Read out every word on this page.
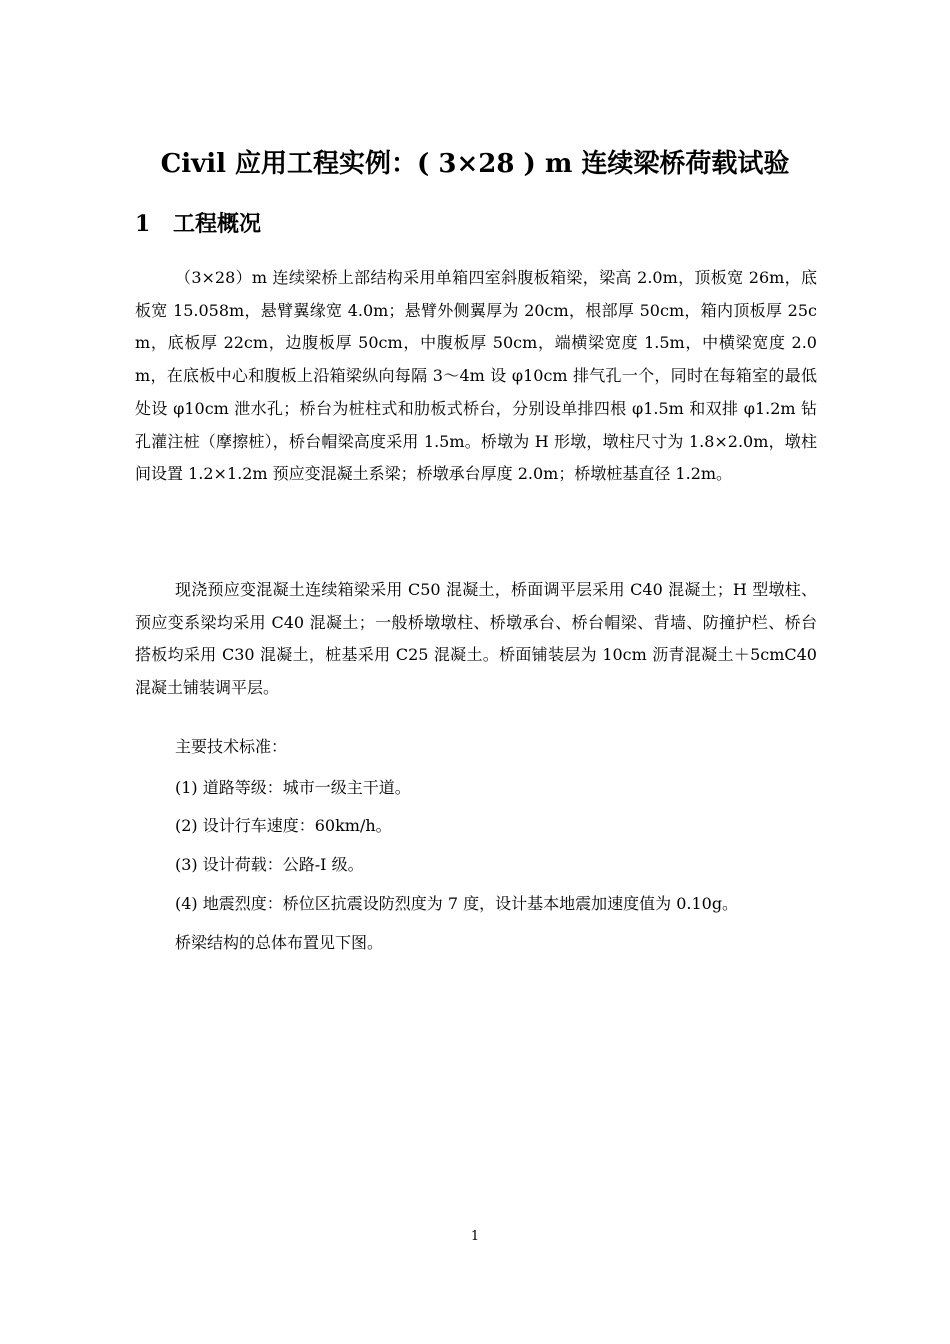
Civil 应用工程实例：( 3×28 ) m 连续梁桥荷载试验
1 工程概况
（3×28）m 连续梁桥上部结构采用单箱四室斜腹板箱梁，梁高 2.0m，顶板宽 26m，底板宽 15.058m，悬臂翼缘宽 4.0m；悬臂外侧翼厚为 20cm，根部厚 50cm，箱内顶板厚 25cm，底板厚 22cm，边腹板厚 50cm，中腹板厚 50cm，端横梁宽度 1.5m，中横梁宽度 2.0m，在底板中心和腹板上沿箱梁纵向每隔 3～4m 设 φ10cm 排气孔一个，同时在每箱室的最低处设 φ10cm 泄水孔；桥台为桩柱式和肋板式桥台，分别设单排四根 φ1.5m 和双排 φ1.2m 钻孔灌注桩（摩擦桩），桥台帽梁高度采用 1.5m。桥墩为 H 形墩，墩柱尺寸为 1.8×2.0m，墩柱间设置 1.2×1.2m 预应变混凝土系梁；桥墩承台厚度 2.0m；桥墩桩基直径 1.2m。
现浇预应变混凝土连续箱梁采用 C50 混凝土，桥面调平层采用 C40 混凝土；H 型墩柱、预应变系梁均采用 C40 混凝土；一般桥墩墩柱、桥墩承台、桥台帽梁、背墙、防撞护栏、桥台搭板均采用 C30 混凝土，桩基采用 C25 混凝土。桥面铺装层为 10cm 沥青混凝土＋5cmC40 混凝土铺装调平层。
主要技术标准：
(1) 道路等级：城市一级主干道。
(2) 设计行车速度：60km/h。
(3) 设计荷载：公路-I 级。
(4) 地震烈度：桥位区抗震设防烈度为 7 度，设计基本地震加速度值为 0.10g。
桥梁结构的总体布置见下图。
1
